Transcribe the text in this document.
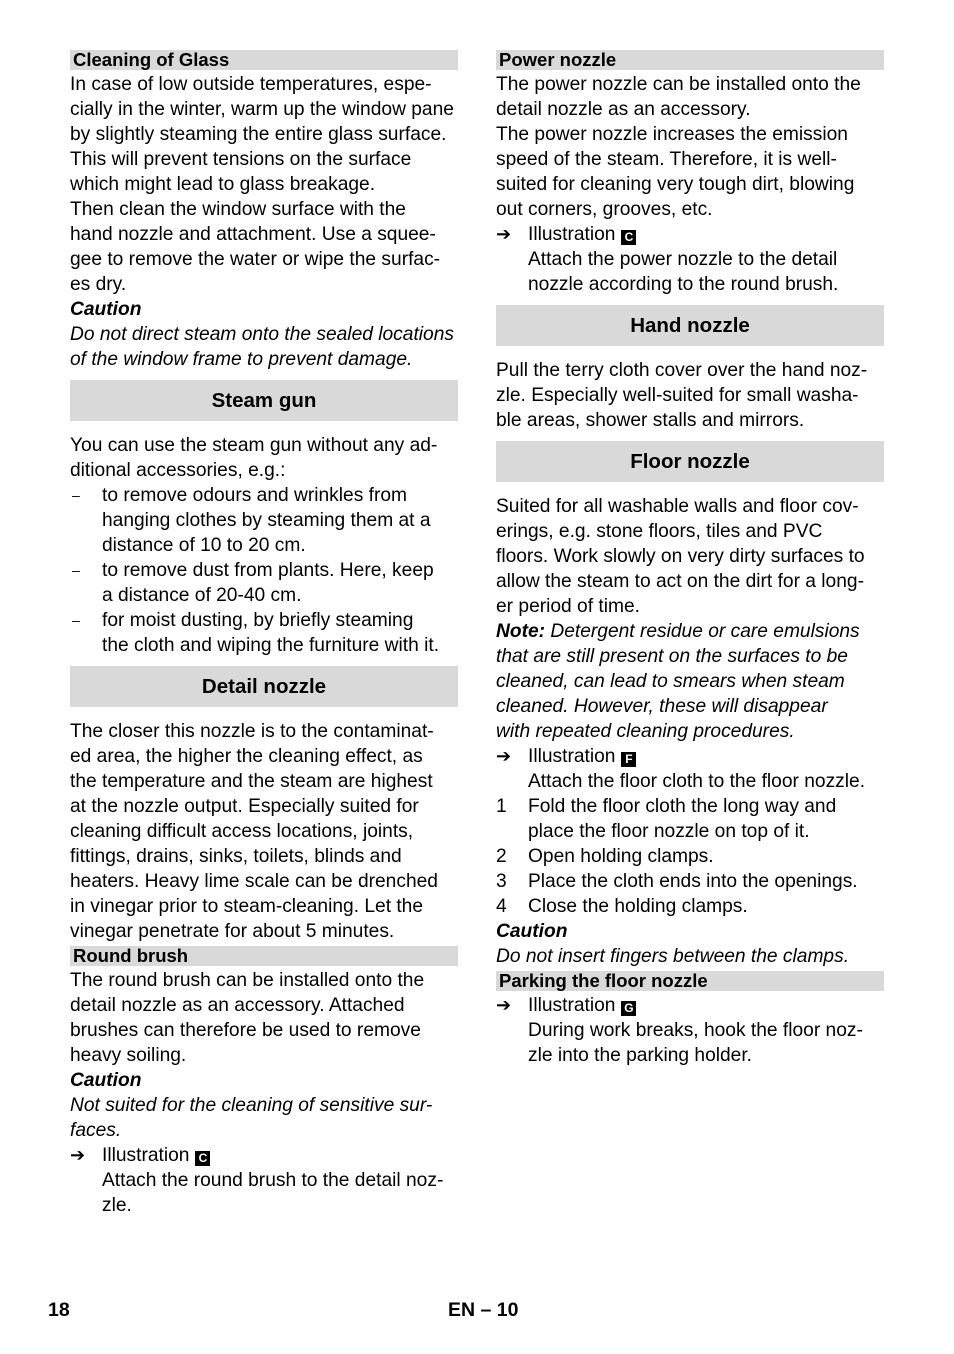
Cleaning of Glass

In case of low outside temperatures, espe-

cially in the winter, warm up the window pane

by slightly steaming the entire glass surface.

This will prevent tensions on the surface

which might lead to glass breakage.

Then clean the window surface with the

hand nozzle and attachment. Use a squee-

gee to remove the water or wipe the surfac-

es dry.

Caution

Do not direct steam onto the sealed locations

of the window frame to prevent damage.

Steam gun

You can use the steam gun without any ad-

ditional accessories, e.g.:

–	to remove odours and wrinkles from
hanging clothes by steaming them at a
distance of 10 to 20 cm.
–	to remove dust from plants. Here, keep
a distance of 20-40 cm.
–	for moist dusting, by briefly steaming
the cloth and wiping the furniture with it.
Detail nozzle

The closer this nozzle is to the contaminat-

ed area, the higher the cleaning effect, as

the temperature and the steam are highest

at the nozzle output. Especially suited for

cleaning difficult access locations, joints,

fittings, drains, sinks, toilets, blinds and

heaters. Heavy lime scale can be drenched

in vinegar prior to steam-cleaning. Let the

vinegar penetrate for about 5 minutes.

Round brush

The round brush can be installed onto the

detail nozzle as an accessory. Attached

brushes can therefore be used to remove

heavy soiling.

Caution

Not suited for the cleaning of sensitive sur-

faces.

➔ Illustration C
Attach the round brush to the detail noz-
zle.
Power nozzle

The power nozzle can be installed onto the

detail nozzle as an accessory.

The power nozzle increases the emission

speed of the steam. Therefore, it is well-

suited for cleaning very tough dirt, blowing

out corners, grooves, etc.

➔ Illustration C
Attach the power nozzle to the detail
nozzle according to the round brush.
Hand nozzle

Pull the terry cloth cover over the hand noz-

zle. Especially well-suited for small washa-

ble areas, shower stalls and mirrors.

Floor nozzle

Suited for all washable walls and floor cov-

erings, e.g. stone floors, tiles and PVC

floors. Work slowly on very dirty surfaces to

allow the steam to act on the dirt for a long-

er period of time.

Note: Detergent residue or care emulsions

that are still present on the surfaces to be

cleaned, can lead to smears when steam

cleaned. However, these will disappear

with repeated cleaning procedures.

➔ Illustration F
Attach the floor cloth to the floor nozzle.
1	Fold the floor cloth the long way and
place the floor nozzle on top of it.
2	Open holding clamps.
3	Place the cloth ends into the openings.
4	Close the holding clamps.
Caution

Do not insert fingers between the clamps.

Parking the floor nozzle
➔ Illustration G
During work breaks, hook the floor noz-
zle into the parking holder.
18	EN – 10
